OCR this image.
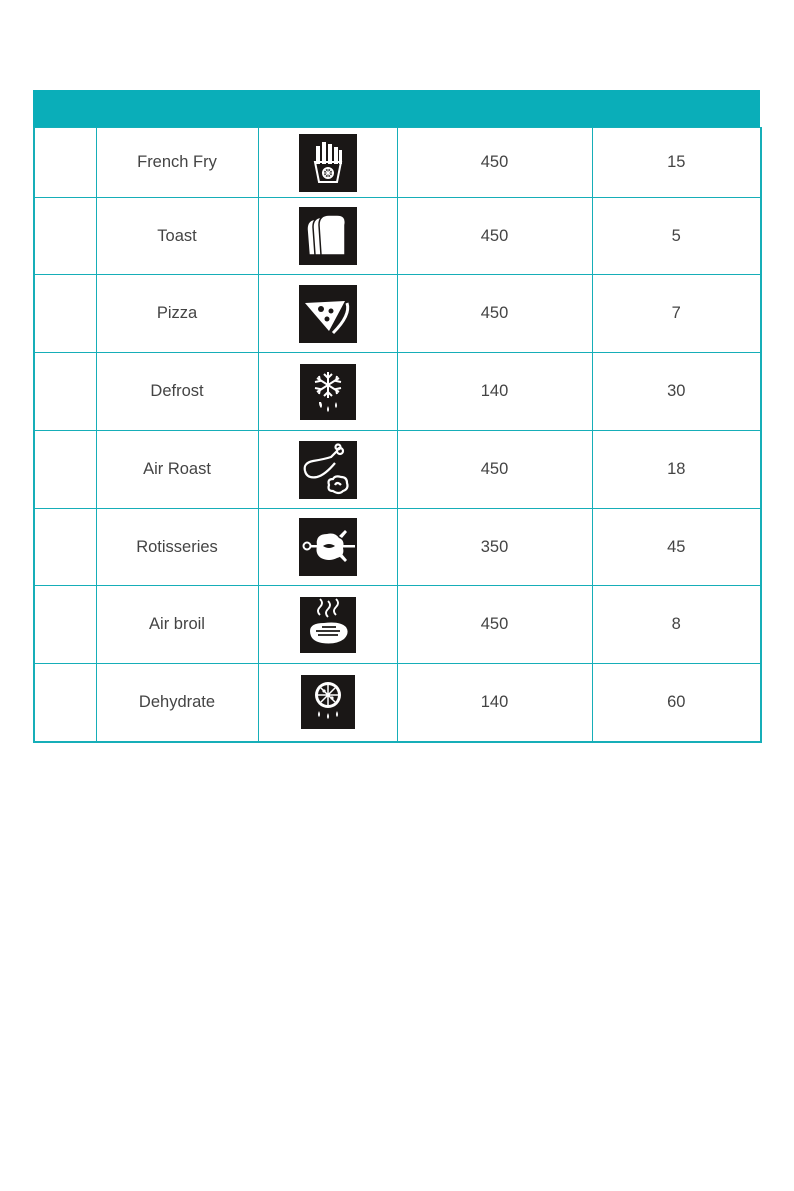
	French Fry		450	15
	Toast		450	5
	Pizza		450	7
	Defrost		140	30
	Air Roast		450	18
	Rotisseries		350	45
	Air broil		450	8
	Dehydrate		140	60
